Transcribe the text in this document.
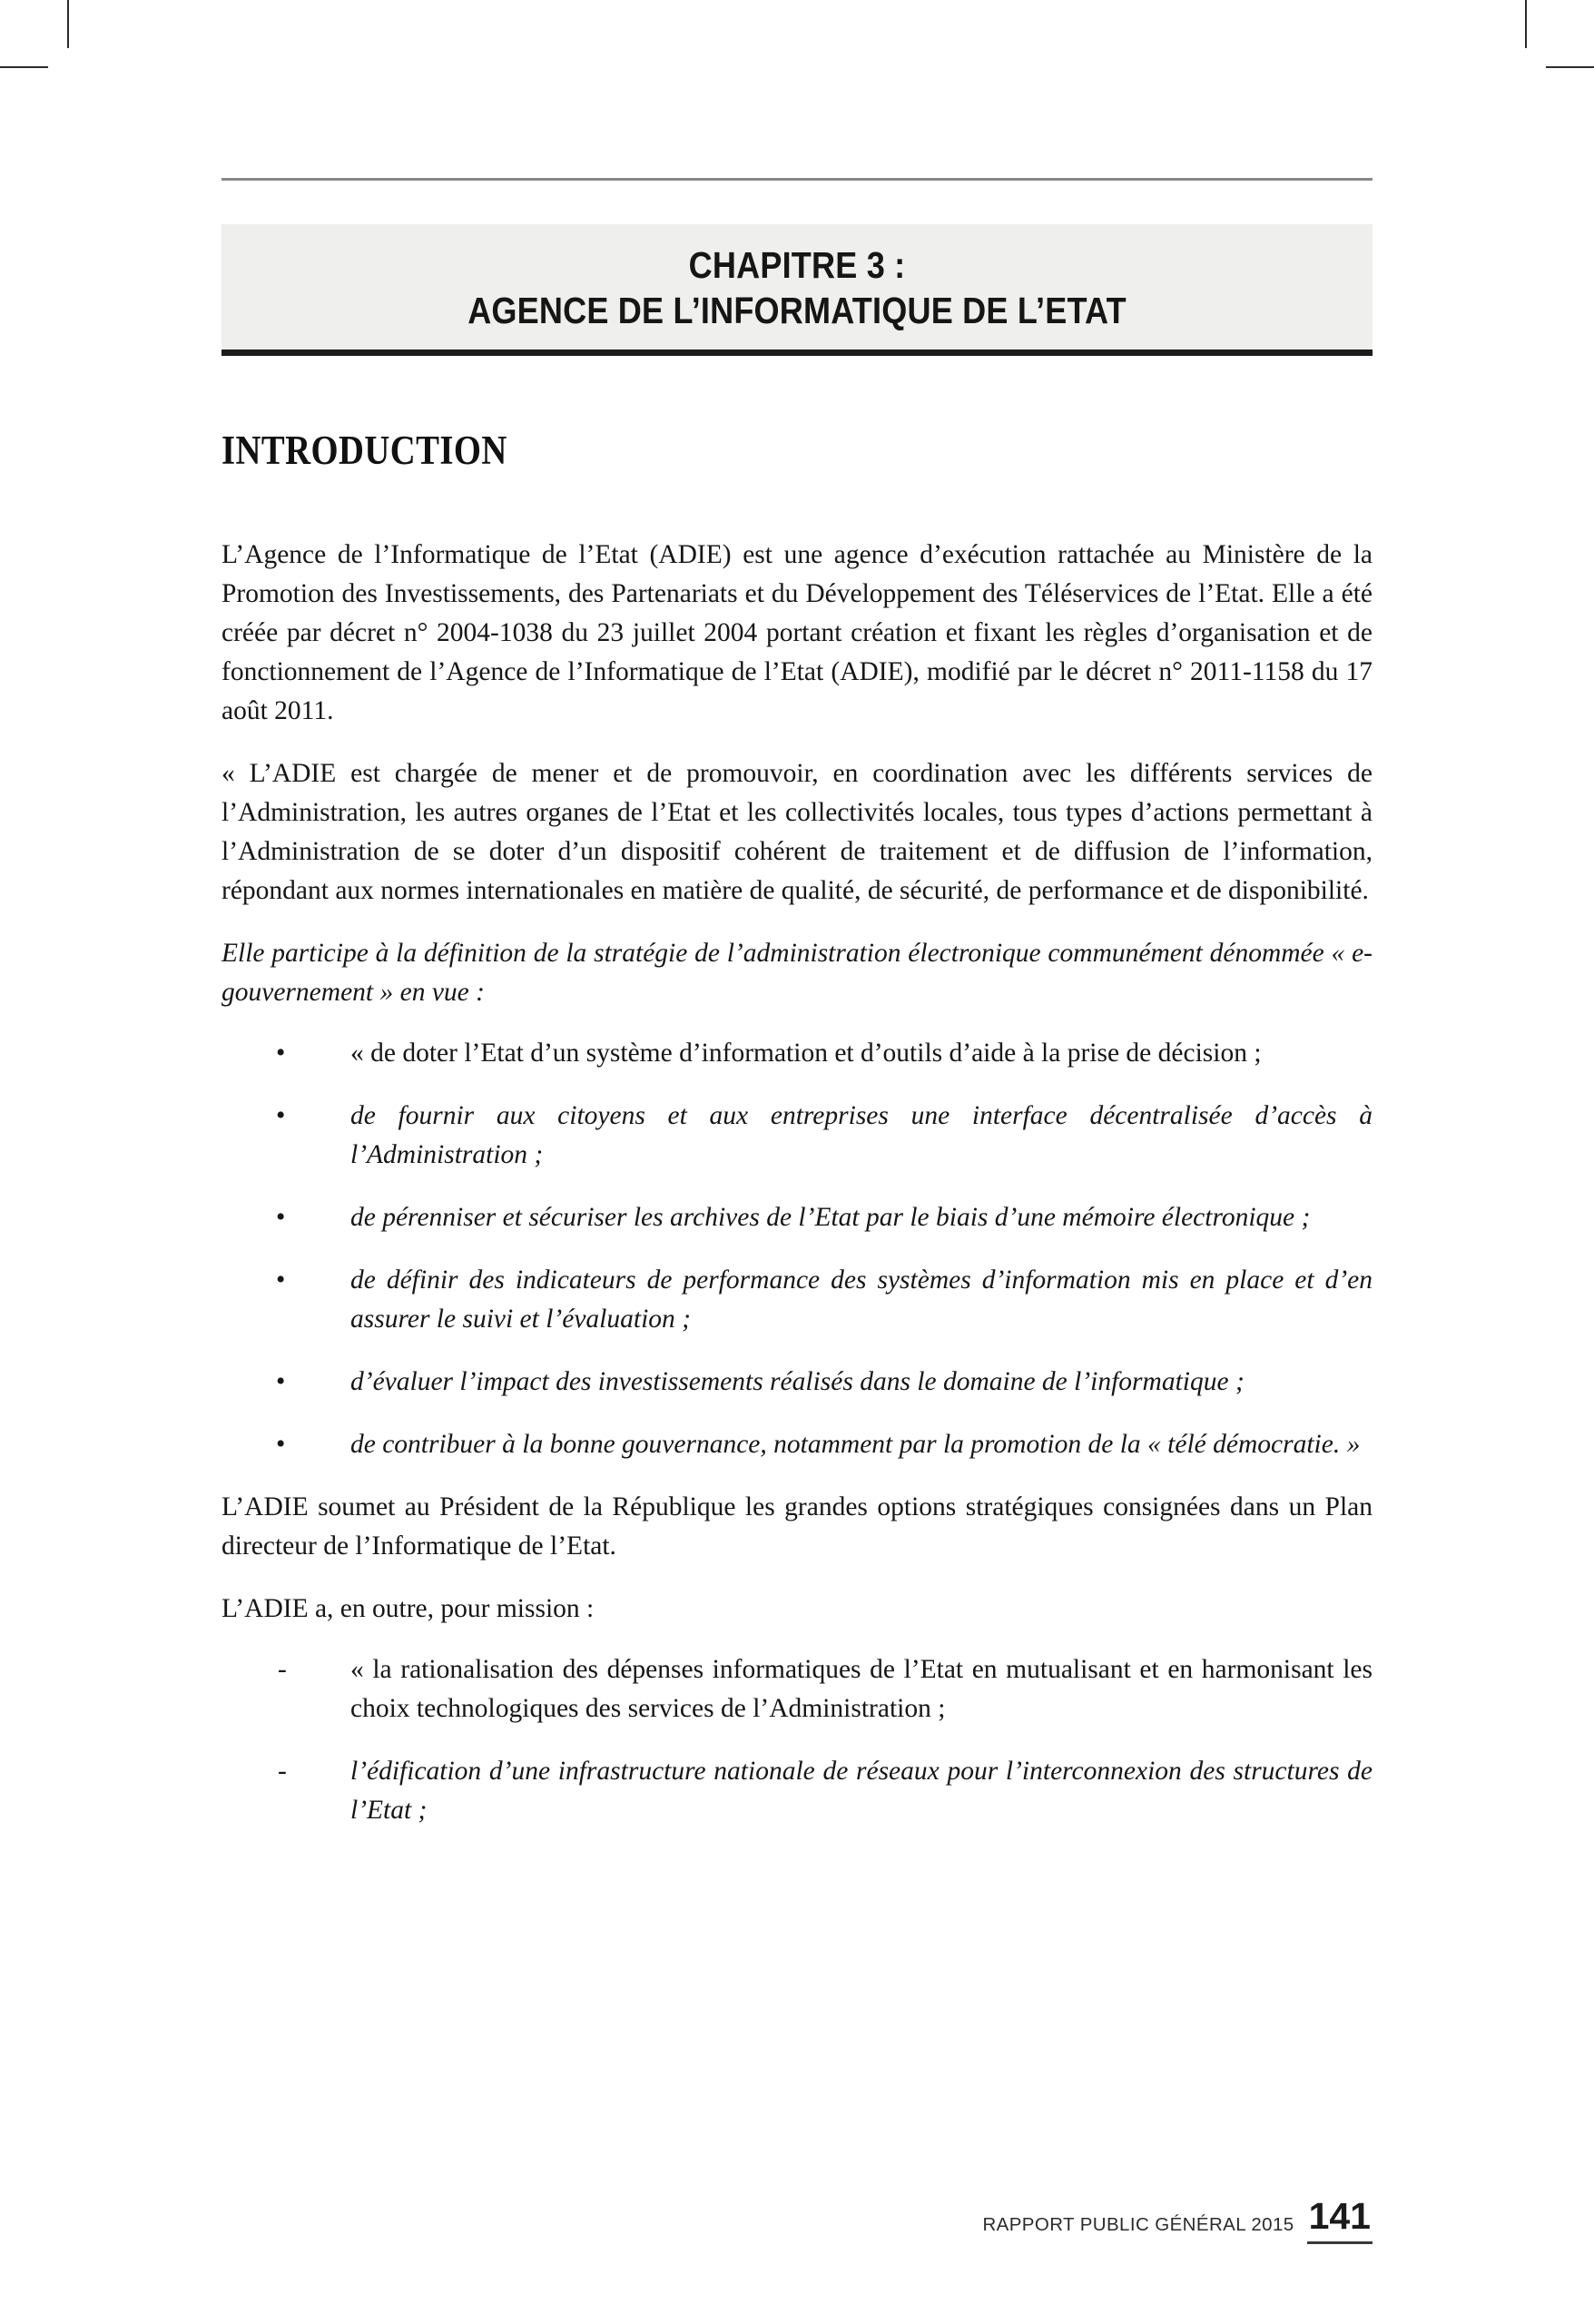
CHAPITRE 3 :
AGENCE DE L’INFORMATIQUE DE L’ETAT
INTRODUCTION

L’Agence de l’Informatique de l’Etat (ADIE) est une agence d’exécution rattachée au Ministère de la Promotion des Investissements, des Partenariats et du Développement des Téléservices de l’Etat. Elle a été créée par décret n° 2004-1038 du 23 juillet 2004 portant création et fixant les règles d’organisation et de fonctionnement de l’Agence de l’Informatique de l’Etat (ADIE), modifié par le décret n° 2011-1158 du 17 août 2011.

« L’ADIE est chargée de mener et de promouvoir, en coordination avec les différents services de l’Administration, les autres organes de l’Etat et les collectivités locales, tous types d’actions permettant à l’Administration de se doter d’un dispositif cohérent de traitement et de diffusion de l’information, répondant aux normes internationales en matière de qualité, de sécurité, de performance et de disponibilité.

Elle participe à la définition de la stratégie de l’administration électronique communément dénommée « e-gouvernement » en vue :

• « de doter l’Etat d’un système d’information et d’outils d’aide à la prise de décision ;
• de fournir aux citoyens et aux entreprises une interface décentralisée d’accès à l’Administration ;
• de pérenniser et sécuriser les archives de l’Etat par le biais d’une mémoire électronique ;
• de définir des indicateurs de performance des systèmes d’information mis en place et d’en assurer le suivi et l’évaluation ;
• d’évaluer l’impact des investissements réalisés dans le domaine de l’informatique ;
• de contribuer à la bonne gouvernance, notamment par la promotion de la « télé démocratie. »

L’ADIE soumet au Président de la République les grandes options stratégiques consignées dans un Plan directeur de l’Informatique de l’Etat.

L’ADIE a, en outre, pour mission :

- « la rationalisation des dépenses informatiques de l’Etat en mutualisant et en harmonisant les choix technologiques des services de l’Administration ;
- l’édification d’une infrastructure nationale de réseaux pour l’interconnexion des structures de l’Etat ;
RAPPORT PUBLIC GÉNÉRAL 2015 141
